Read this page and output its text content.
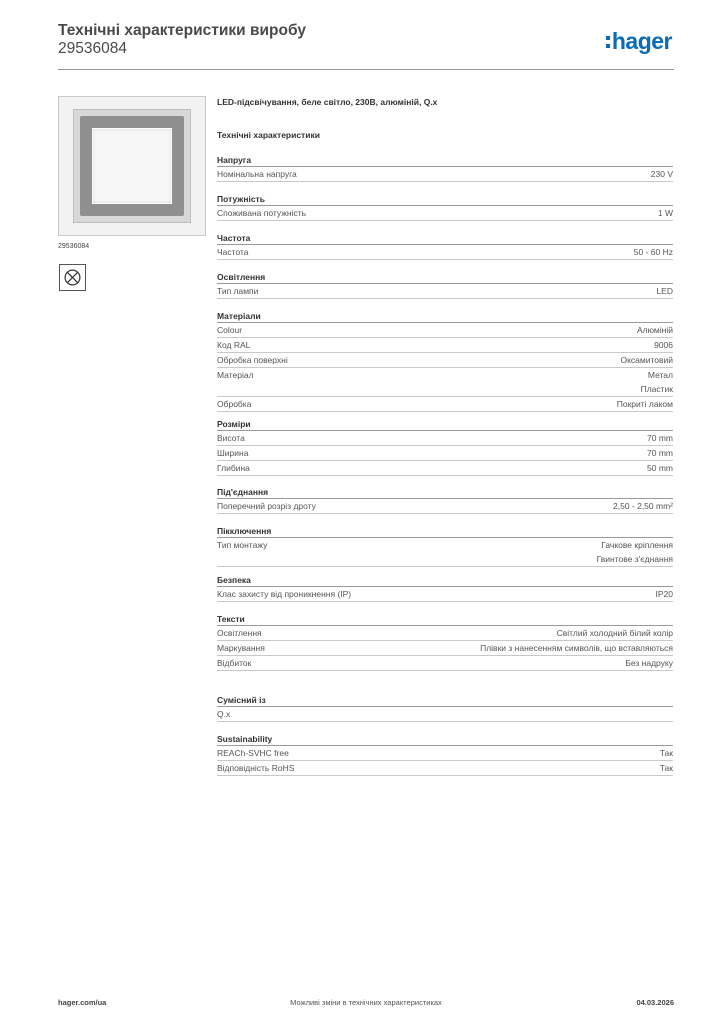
Технічні характеристики виробу
29536084	hager
29536084
LED-підсвічування, беле світло, 230В, алюміній, Q.x
Технічні характеристики
Напруга
Номінальна напруга	230 V
Потужність
Споживана потужність	1 W
Частота
Частота	50 - 60 Hz
Освітлення
Тип лампи	LED
Матеріали
Colour	Алюміній
Код RAL	9006
Обробка поверхні	Оксамитовий
Матеріал	Метал
Пластик
Обробка	Покриті лаком
Розміри
Висота	70 mm
Ширина	70 mm
Глибина	50 mm
Під'єднання
Поперечний розріз дроту	2,50 - 2,50 mm²
Пікключення
Тип монтажу	Гачкове кріплення
Гвинтове з'єднання
Безпека
Клас захисту від проникнення (IP)	IP20
Тексти
Освітлення	Світлий холодний білий колір
Маркування	Плівки з нанесенням символів, що вставляються
Відбиток	Без надруку
Сумісний із
Q.x
Sustainability
REACh-SVHC free	Так
Відповідність RoHS	Так
hager.com/ua	Можливі зміни в технічних характеристиках	04.03.2026
